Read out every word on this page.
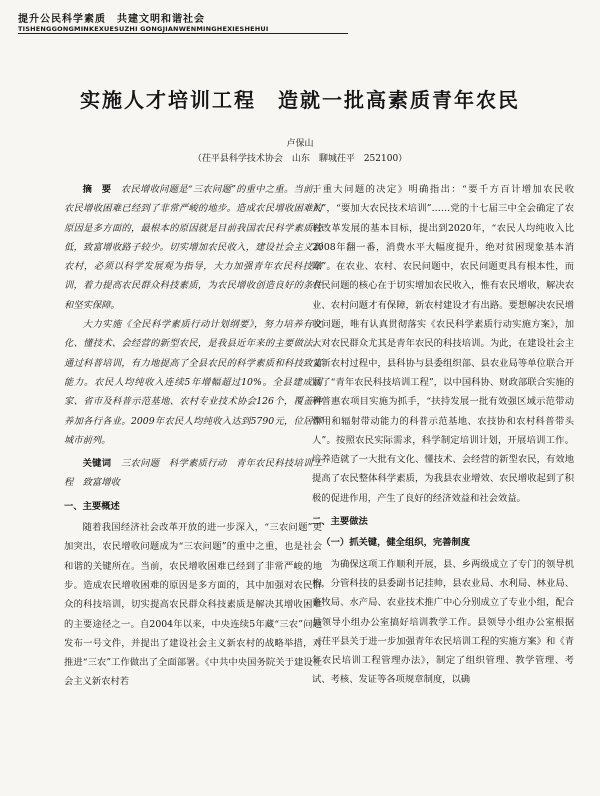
提升公民科学素质　共建文明和谐社会
TISHENGGONGMINKEXUESUZHI GONGJIANWENMINGHEXIESHEHUI
实施人才培训工程　造就一批高素质青年农民
卢保山
（茌平县科学技术协会　山东　聊城茌平　252100）

摘　要　 农民增收问题是“三农问题”的重中之重。当前，农民增收困难已经到了非常严峻的地步。造成农民增收困难的原因是多方面的，最根本的原因就是目前我国农民科学素质较低，致富增收路子较少。切实增加农民收入，建设社会主义新农村，必须以科学发展观为指导，大力加强青年农民科技培训，着力提高农民群众科技素质，为农民增收创造良好的条件和坚实保障。

大力实施《全民科学素质行动计划纲要》，努力培养有文化、懂技术、会经营的新型农民，是我县近年来的主要做法。通过科普培训，有力地提高了全县农民的科学素质和科技致富能力。农民人均纯收入连续5年增幅超过10%。全县建成国家、省市及科普示范基地、农村专业技术协会126个，覆盖种养加各行各业。2009年农民人均纯收入达到5790元，位居聊城市前列。

关键词　 三农问题　科学素质行动　青年农民科技培训工程　致富增收
一、主要概述

随着我国经济社会改革开放的进一步深入，“三农问题”更加突出，农民增收问题成为“三农问题”的重中之重，也是社会和谐的关键所在。当前，农民增收困难已经到了非常严峻的地步。造成农民增收困难的原因是多方面的，其中加强对农民群众的科技培训，切实提高农民群众科技素质是解决其增收困难的主要途径之一。自2004年以来，中央连续5年藏“三农”问题发布一号文件，并提出了建设社会主义新农村的战略举措，对推进“三农”工作做出了全面部署。《中共中央国务院关于建设社会主义新农村若

干重大问题的决定》明确指出：“要千方百计增加农民收入”，“要加大农民技术培训”……党的十七届三中全会确定了农村改革发展的基本目标，提出到2020年，“农民人均纯收入比2008年翻一番，消费水平大幅度提升，绝对贫困现象基本消除”。在农业、农村、农民问题中，农民问题更具有根本性，而农民问题的核心在于切实增加农民收入，惟有农民增收，解决农业、农村问题才有保障，新农村建设才有出路。要想解决农民增收问题，唯有认真贯彻落实《农民科学素质行动实施方案》，加大对农民群众尤其是青年农民的科技培训。为此，在建设社会主义新农村过程中，县科协与县委组织部、县农业局等单位联合开展了“青年农民科技培训工程”，以中国科协、财政部联合实施的科普惠农项目实施为抓手，“扶持发展一批有效强区域示范带动作用和辐射带动能力的科普示范基地、农技协和农村科普带头人”。按照农民实际需求，科学制定培训计划，开展培训工作。培养造就了一大批有文化、懂技术、会经营的新型农民，有效地提高了农民整体科学素质，为我县农业增效、农民增收起到了积极的促进作用，产生了良好的经济效益和社会效益。

二、主要做法
（一）抓关键，健全组织，完善制度

为确保这项工作顺利开展，县、乡两级成立了专门的领导机构，分管科技的县委副书记挂帅，县农业局、水利局、林业局、畜牧局、水产局、农业技术推广中心分别成立了专业小组，配合县领导小组办公室搞好培训教学工作。县领导小组办公室根据《茌平县关于进一步加强青年农民培训工程的实施方案》和《青年农民培训工程管理办法》，制定了组织管理、教学管理、考试、考核、发证等各项规章制度，以确
